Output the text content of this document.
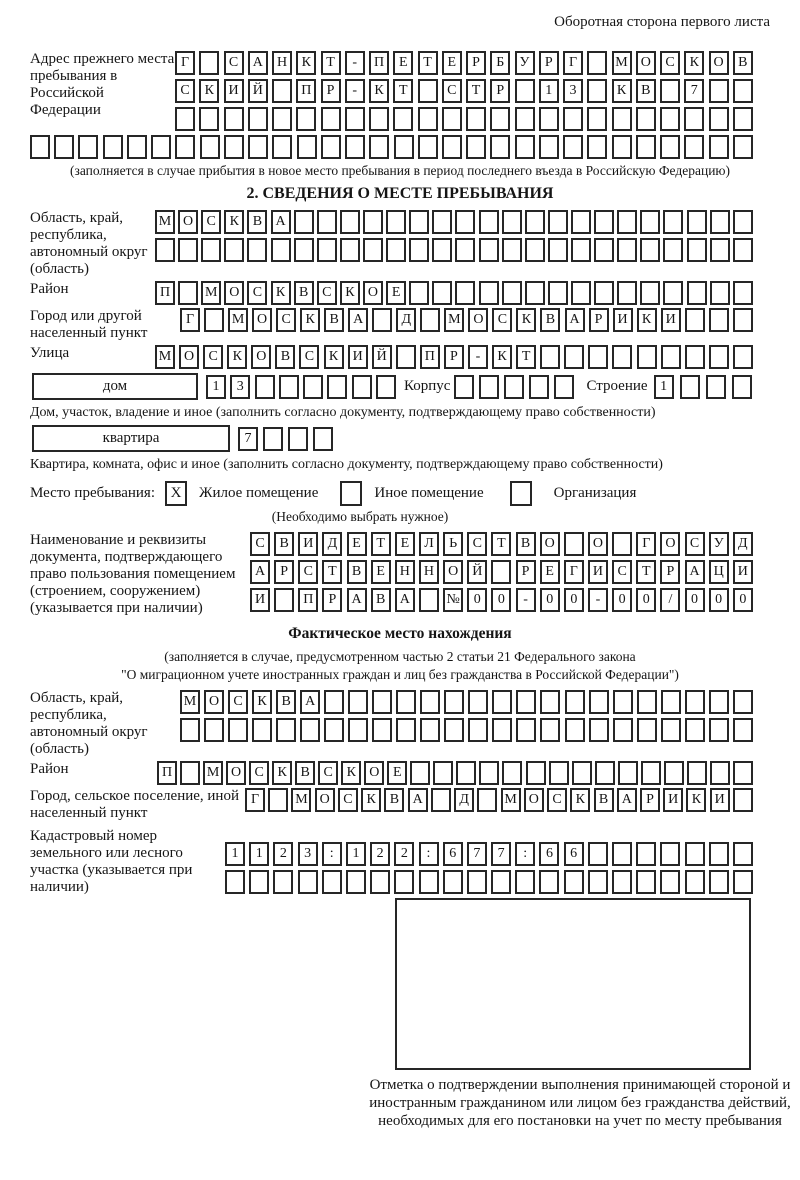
Оборотная сторона первого листа
Адрес прежнего места пребывания в Российской Федерации
Г	С	А	Н	К	Т	-	П	Е	Т	Е	Р	Б	У	Р	Г	М О	С	К	О	В
С	К	И	Й	П	Р	-	К	Т	С	Т	Р	1	3	К	В	7
(заполняется в случае прибытия в новое место пребывания в период последнего въезда в Российскую Федерацию)
2. СВЕДЕНИЯ О МЕСТЕ ПРЕБЫВАНИЯ
Область, край, республика, автономный округ (область)
М О С К В А
Район	П	М О С К В С К О Е
Город или другой населенный пункт
Г	М О	С	К	В	А	Д	М О	С	К	В	А	Р	И	К	И
Улица	М О	С	К	О	В	С	К	И Й	П	Р	-	К	Т
дом	1	3	Корпус	Строение 1
Дом, участок, владение и иное (заполнить согласно документу, подтверждающему право собственности)
квартира	7
Квартира, комната, офис и иное (заполнить согласно документу, подтверждающему право собственности)
Место пребывания:	X	Жилое помещение	Иное помещение	Организация
(Необходимо выбрать нужное)
Наименование и реквизиты документа, подтверждающего право пользования помещением (строением, сооружением) (указывается при наличии)
С	В	И	Д	Е	Т	Е	Л	Ь	С	Т	В	О	О	Г	О	С	У	Д
А	Р	С	Т	В	Е	Н	Н	О	Й	Р	Е	Г	И	С	Т	Р	А	Ц	И
И	П	Р	А	В	А	№ 0	0	-	0	0	-	0	0	/	0	0	0
Фактическое место нахождения
(заполняется в случае, предусмотренном частью 2 статьи 21 Федерального закона
"О миграционном учете иностранных граждан и лиц без гражданства в Российской Федерации")
Область, край, республика, автономный округ (область)
М О	С	К	В	А
Район	П	М О С К В С К О Е
Город, сельское поселение, иной населенный пункт
Г	М О С К В А	Д	М О С К В А	Р	И К И
Кадастровый номер земельного или лесного участка (указывается при наличии)
1	1	2	3	:	1	2	2	:	6	7	7	:	6	6
Отметка о подтверждении выполнения принимающей стороной и иностранным гражданином или лицом без гражданства действий, необходимых для его постановки на учет по месту пребывания
